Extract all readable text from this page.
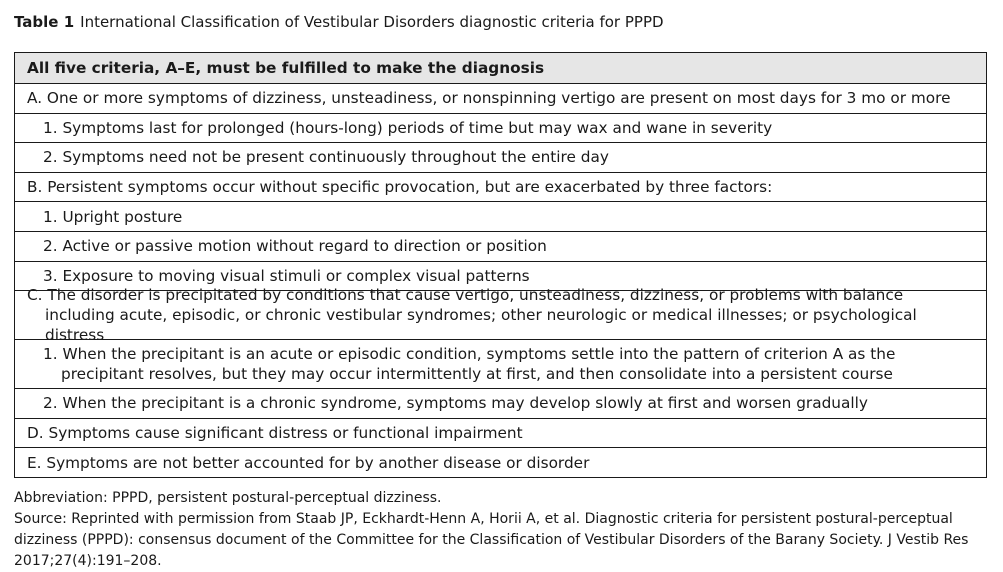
Table 1 International Classification of Vestibular Disorders diagnostic criteria for PPPD
All five criteria, A–E, must be fulfilled to make the diagnosis
A. One or more symptoms of dizziness, unsteadiness, or nonspinning vertigo are present on most days for 3 mo or more
1. Symptoms last for prolonged (hours-long) periods of time but may wax and wane in severity
2. Symptoms need not be present continuously throughout the entire day
B. Persistent symptoms occur without specific provocation, but are exacerbated by three factors:
1. Upright posture
2. Active or passive motion without regard to direction or position
3. Exposure to moving visual stimuli or complex visual patterns
C. The disorder is precipitated by conditions that cause vertigo, unsteadiness, dizziness, or problems with balance including acute, episodic, or chronic vestibular syndromes; other neurologic or medical illnesses; or psychological distress
1. When the precipitant is an acute or episodic condition, symptoms settle into the pattern of criterion A as the precipitant resolves, but they may occur intermittently at first, and then consolidate into a persistent course
2. When the precipitant is a chronic syndrome, symptoms may develop slowly at first and worsen gradually
D. Symptoms cause significant distress or functional impairment
E. Symptoms are not better accounted for by another disease or disorder
Abbreviation: PPPD, persistent postural-perceptual dizziness.
Source: Reprinted with permission from Staab JP, Eckhardt-Henn A, Horii A, et al. Diagnostic criteria for persistent postural-perceptual dizziness (PPPD): consensus document of the Committee for the Classification of Vestibular Disorders of the Barany Society. J Vestib Res 2017;27(4):191–208.
